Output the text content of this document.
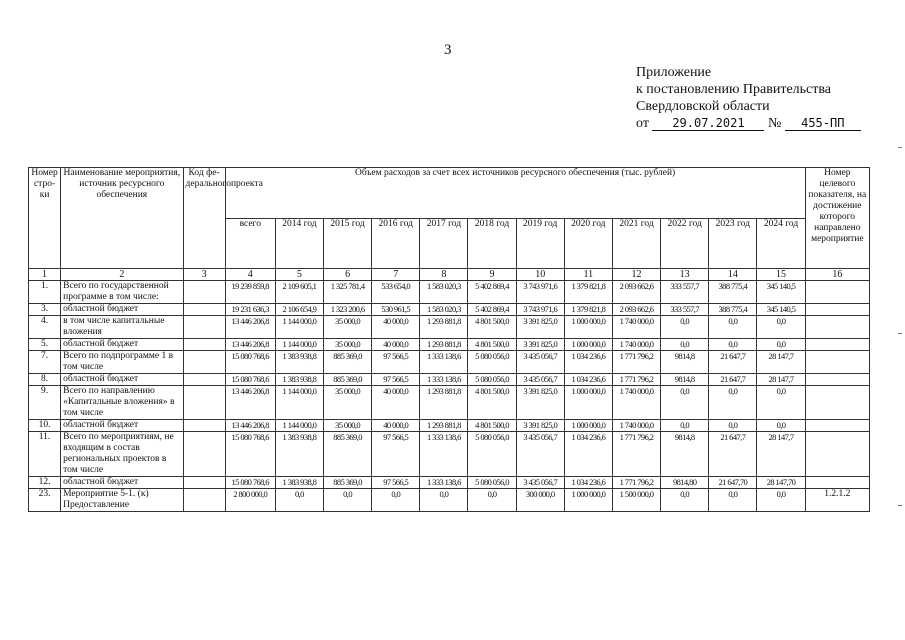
3
Приложение
к постановлению Правительства
Свердловской области
от 29.07.2021 № 455-ПП
Номер стро-ки	Наименование мероприятия, источник ресурсного обеспечения	Код фе-деральногопроекта	Объем расходов за счет всех источников ресурсного обеспечения (тыс. рублей)												Номер целевого показателя, на достижение которого направлено мероприятие
			всего	2014 год	2015 год	2016 год	2017 год	2018 год	2019 год	2020 год	2021 год	2022 год	2023 год	2024 год	
1	2	3	4	5	6	7	8	9	10	11	12	13	14	15	16
1.	Всего по государственной программе в том числе:		19 239 859,8	2 109 605,1	1 325 781,4	533 654,0	1 583 020,3	5 402 869,4	3 743 971,6	1 379 821,8	2 093 662,6	333 557,7	388 775,4	345 140,5	
3.	областной бюджет		19 231 636,3	2 106 654,9	1 323 200,6	530 961,5	1 583 020,3	5 402 869,4	3 743 971,6	1 379 821,8	2 093 662,6	333 557,7	388 775,4	345 140,5	
4.	в том числе капитальные вложения		13 446 206,8	1 144 000,0	35 000,0	40 000,0	1 293 881,8	4 801 500,0	3 391 825,0	1 000 000,0	1 740 000,0	0,0	0,0	0,0	
5.	областной бюджет		13 446 206,8	1 144 000,0	35 000,0	40 000,0	1 293 881,8	4 801 500,0	3 391 825,0	1 000 000,0	1 740 000,0	0,0	0,0	0,0	
7.	Всего по подпрограмме 1 в том числе		15 080 768,6	1 383 938,8	885 369,0	97 566,5	1 333 138,6	5 080 056,0	3 435 056,7	1 034 236,6	1 771 796,2	9814,8	21 647,7	28 147,7	
8.	областной бюджет		15 080 768,6	1 383 938,8	885 369,0	97 566,5	1 333 138,6	5 080 056,0	3 435 056,7	1 034 236,6	1 771 796,2	9814,8	21 647,7	28 147,7	
9.	Всего по направлению «Капитальные вложения» в том числе		13 446 206,8	1 144 000,0	35 000,0	40 000,0	1 293 881,8	4 801 500,0	3 391 825,0	1 000 000,0	1 740 000,0	0,0	0,0	0,0	
10.	областной бюджет		13 446 206,8	1 144 000,0	35 000,0	40 000,0	1 293 881,8	4 801 500,0	3 391 825,0	1 000 000,0	1 740 000,0	0,0	0,0	0,0	
11.	Всего по мероприятиям, не входящим в состав региональных проектов в том числе		15 080 768,6	1 383 938,8	885 369,0	97 566,5	1 333 138,6	5 080 056,0	3 435 056,7	1 034 236,6	1 771 796,2	9814,8	21 647,7	28 147,7	
12.	областной бюджет		15 080 768,6	1 383 938,8	885 369,0	97 566,5	1 333 138,6	5 080 056,0	3 435 056,7	1 034 236,6	1 771 796,2	9814,80	21 647,70	28 147,70	
23.	Мероприятие 5-1. (к) Предоставление		2 800 000,0	0,0	0,0	0,0	0,0	0,0	300 000,0	1 000 000,0	1 500 000,0	0,0	0,0	0,0	1.2.1.2
